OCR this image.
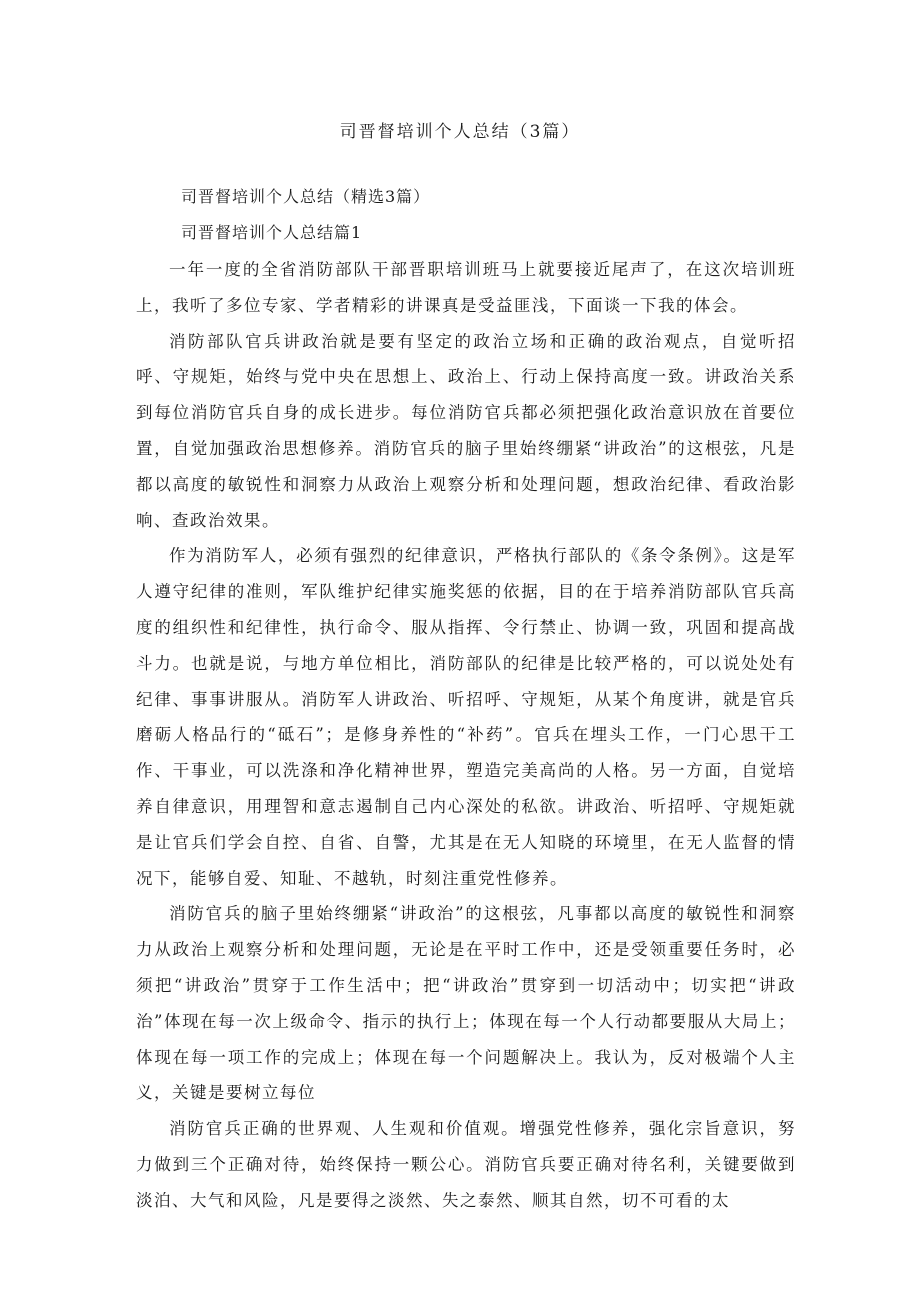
司晋督培训个人总结（3篇）

司晋督培训个人总结（精选3篇）

司晋督培训个人总结篇1

一年一度的全省消防部队干部晋职培训班马上就要接近尾声了，在这次培训班上，我听了多位专家、学者精彩的讲课真是受益匪浅，下面谈一下我的体会。

消防部队官兵讲政治就是要有坚定的政治立场和正确的政治观点，自觉听招呼、守规矩，始终与党中央在思想上、政治上、行动上保持高度一致。讲政治关系到每位消防官兵自身的成长进步。每位消防官兵都必须把强化政治意识放在首要位置，自觉加强政治思想修养。消防官兵的脑子里始终绷紧“讲政治”的这根弦，凡是都以高度的敏锐性和洞察力从政治上观察分析和处理问题，想政治纪律、看政治影响、查政治效果。

作为消防军人，必须有强烈的纪律意识，严格执行部队的《条令条例》。这是军人遵守纪律的准则，军队维护纪律实施奖惩的依据，目的在于培养消防部队官兵高度的组织性和纪律性，执行命令、服从指挥、令行禁止、协调一致，巩固和提高战斗力。也就是说，与地方单位相比，消防部队的纪律是比较严格的，可以说处处有纪律、事事讲服从。消防军人讲政治、听招呼、守规矩，从某个角度讲，就是官兵磨砺人格品行的“砥石”；是修身养性的“补药”。官兵在埋头工作，一门心思干工作、干事业，可以洗涤和净化精神世界，塑造完美高尚的人格。另一方面，自觉培养自律意识，用理智和意志遏制自己内心深处的私欲。讲政治、听招呼、守规矩就是让官兵们学会自控、自省、自警，尤其是在无人知晓的环境里，在无人监督的情况下，能够自爱、知耻、不越轨，时刻注重党性修养。

消防官兵的脑子里始终绷紧“讲政治”的这根弦，凡事都以高度的敏锐性和洞察力从政治上观察分析和处理问题，无论是在平时工作中，还是受领重要任务时，必须把“讲政治”贯穿于工作生活中；把“讲政治”贯穿到一切活动中；切实把“讲政治”体现在每一次上级命令、指示的执行上；体现在每一个人行动都要服从大局上；体现在每一项工作的完成上；体现在每一个问题解决上。我认为，反对极端个人主义，关键是要树立每位

消防官兵正确的世界观、人生观和价值观。增强党性修养，强化宗旨意识，努力做到三个正确对待，始终保持一颗公心。消防官兵要正确对待名利，关键要做到淡泊、大气和风险，凡是要得之淡然、失之泰然、顺其自然，切不可看的太
